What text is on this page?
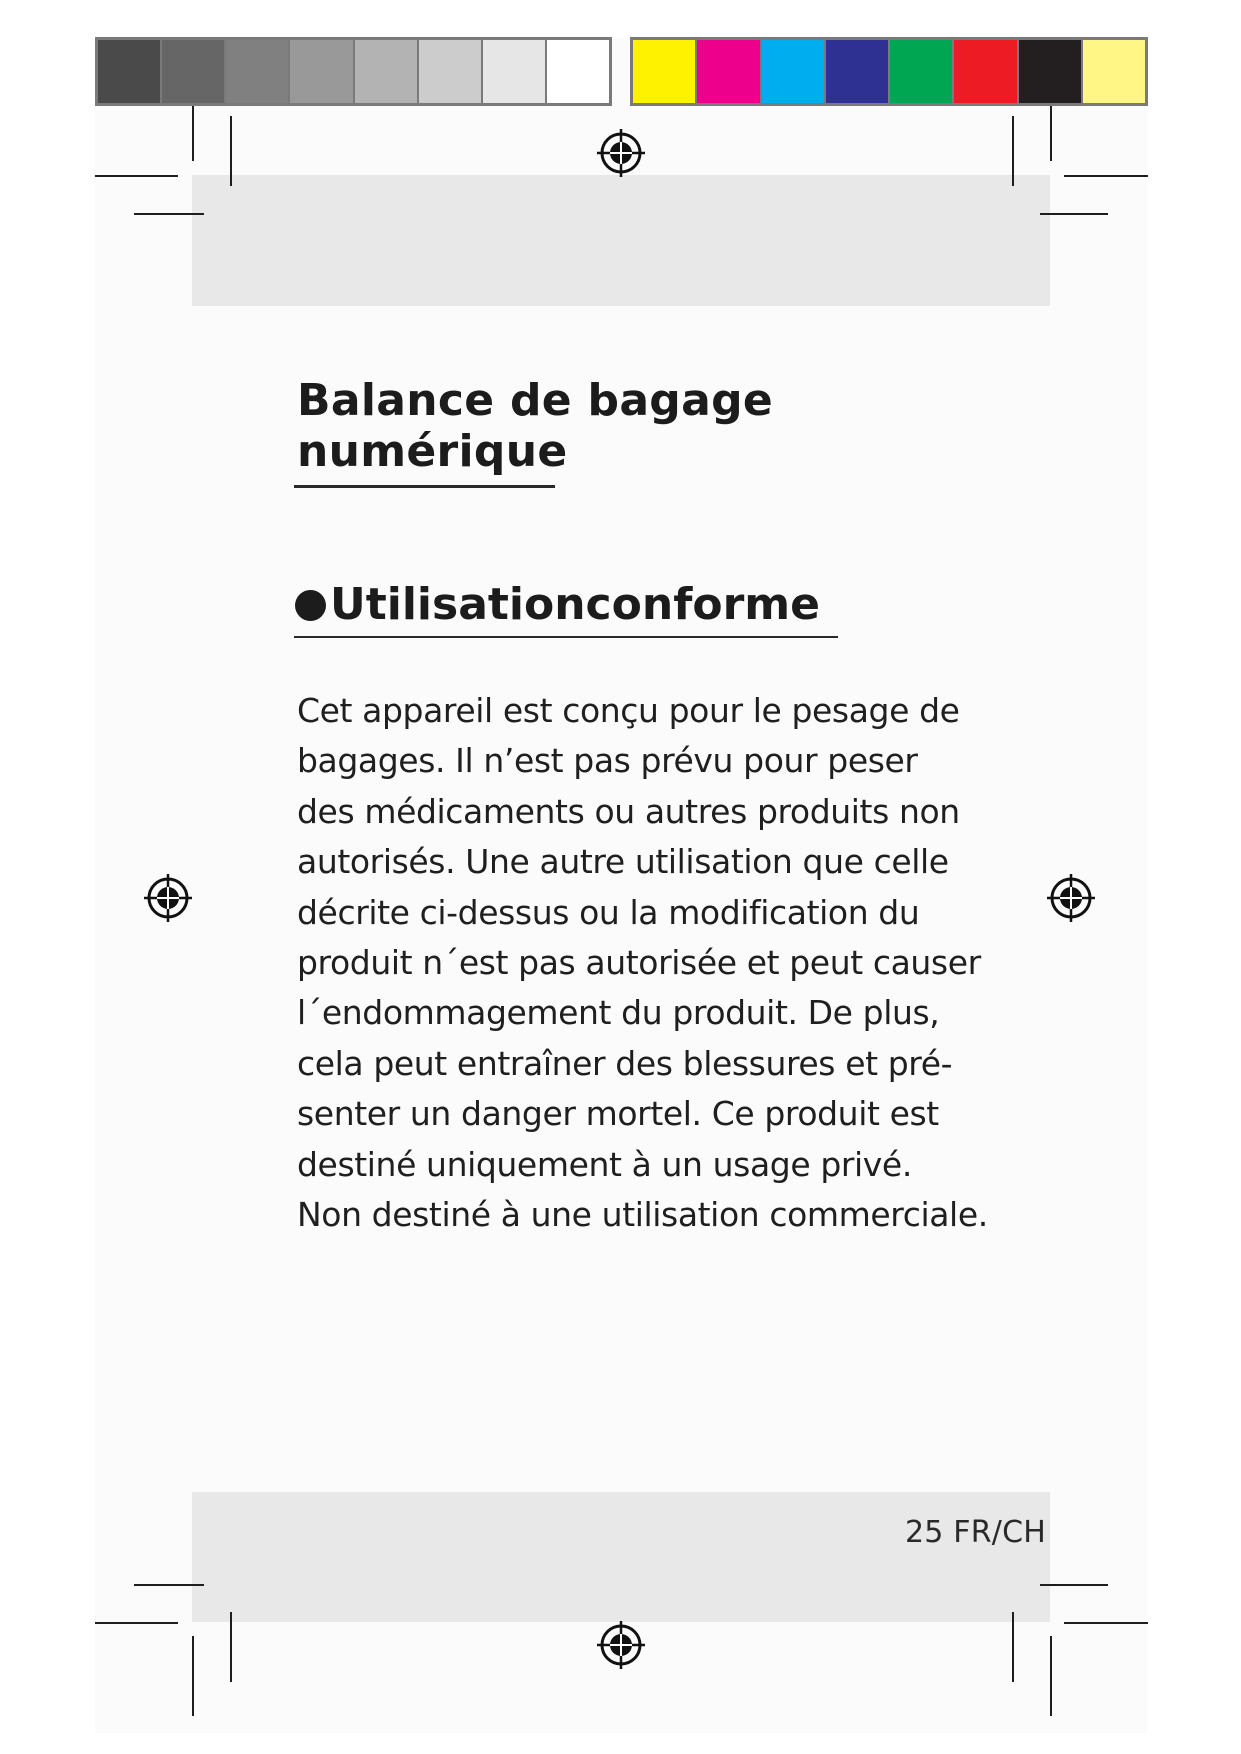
Balance de bagage
numérique
Utilisationconforme

Cet appareil est conçu pour le pesage de
bagages. Il n’est pas prévu pour peser
des médicaments ou autres produits non
autorisés. Une autre utilisation que celle
décrite ci-dessus ou la modification du
produit n´est pas autorisée et peut causer
l´endommagement du produit. De plus,
cela peut entraîner des blessures et pré-
senter un danger mortel. Ce produit est
destiné uniquement à un usage privé.
Non destiné à une utilisation commerciale.

25 FR/CH
